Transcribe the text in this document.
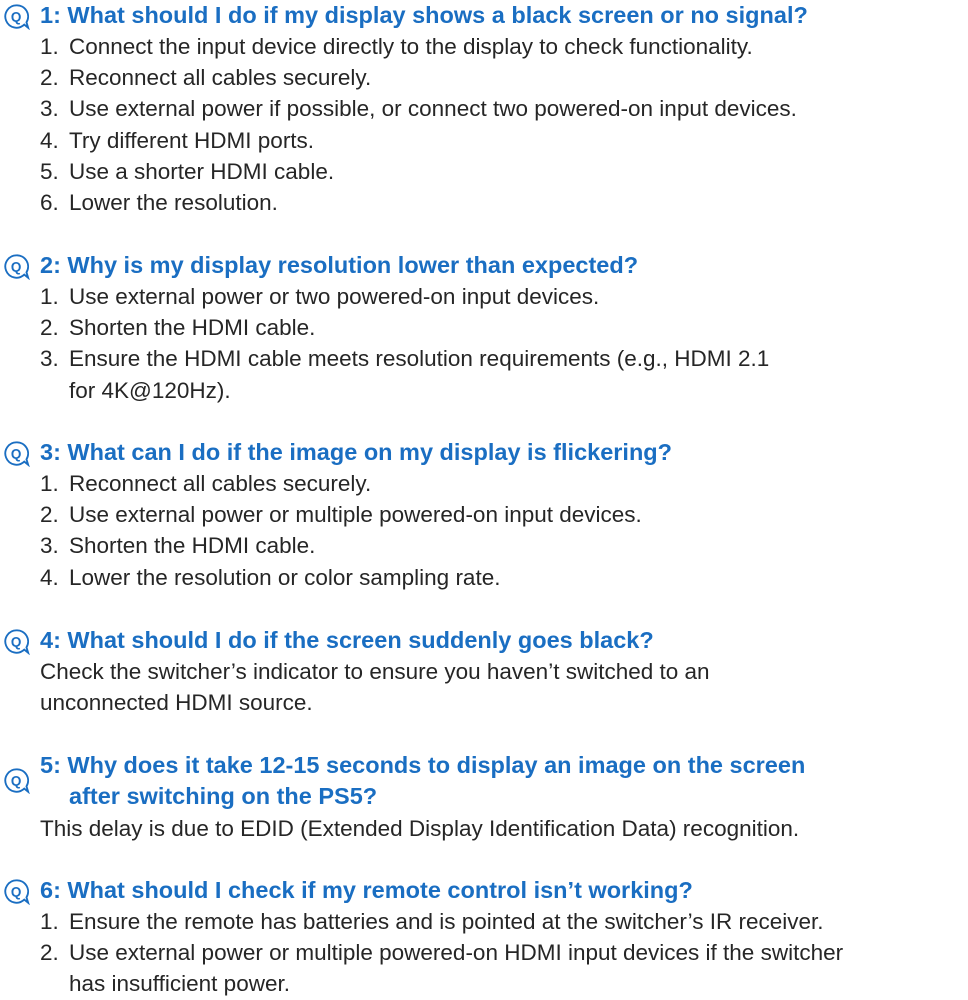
Q 1: What should I do if my display shows a black screen or no signal?
1. Connect the input device directly to the display to check functionality.
2. Reconnect all cables securely.
3. Use external power if possible, or connect two powered-on input devices.
4. Try different HDMI ports.
5. Use a shorter HDMI cable.
6. Lower the resolution.
Q 2: Why is my display resolution lower than expected?
1. Use external power or two powered-on input devices.
2. Shorten the HDMI cable.
3. Ensure the HDMI cable meets resolution requirements (e.g., HDMI 2.1
for 4K@120Hz).
Q 3: What can I do if the image on my display is flickering?
1. Reconnect all cables securely.
2. Use external power or multiple powered-on input devices.
3. Shorten the HDMI cable.
4. Lower the resolution or color sampling rate.
Q 4: What should I do if the screen suddenly goes black?

Check the switcher’s indicator to ensure you haven’t switched to an
unconnected HDMI source.

Q
5: Why does it take 12-15 seconds to display an image on the screen
after switching on the PS5?

This delay is due to EDID (Extended Display Identification Data) recognition.

Q 6: What should I check if my remote control isn’t working?
1. Ensure the remote has batteries and is pointed at the switcher’s IR receiver.
2. Use external power or multiple powered-on HDMI input devices if the switcher
has insufficient power.
